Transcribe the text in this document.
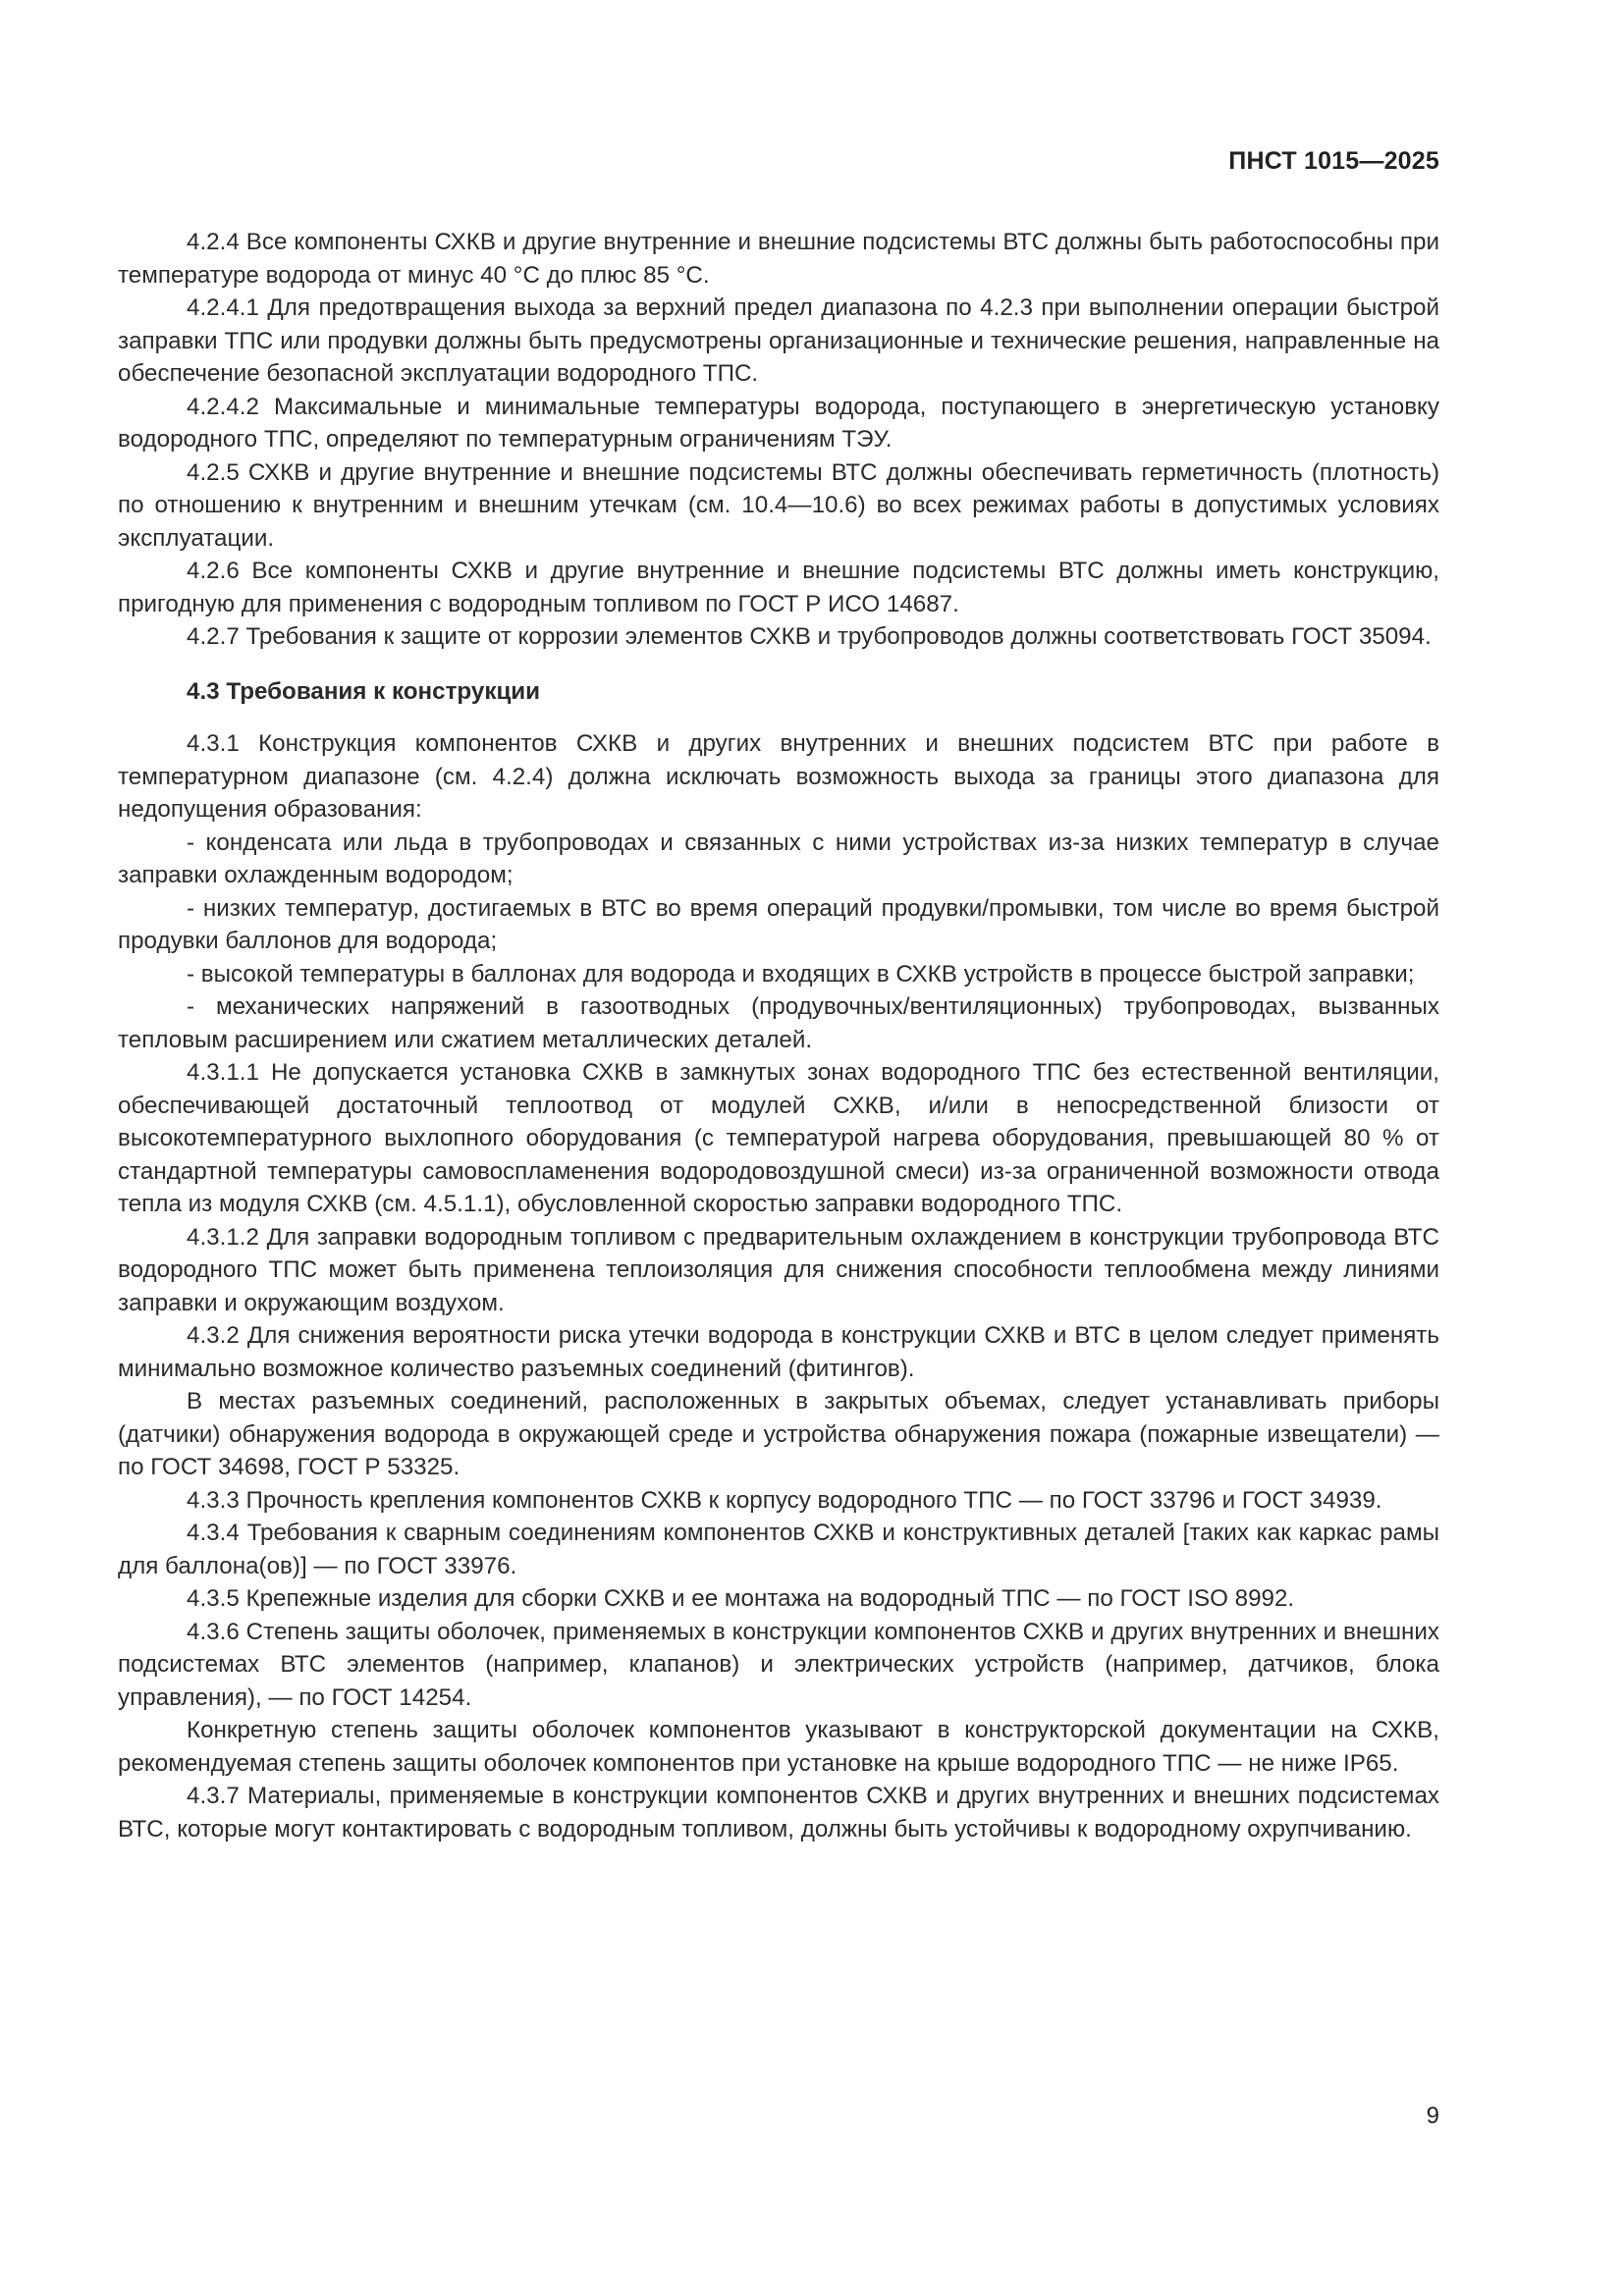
ПНСТ 1015—2025

4.2.4 Все компоненты СХКВ и другие внутренние и внешние подсистемы ВТС должны быть работоспособны при температуре водорода от минус 40 °С до плюс 85 °С.

4.2.4.1 Для предотвращения выхода за верхний предел диапазона по 4.2.3 при выполнении операции быстрой заправки ТПС или продувки должны быть предусмотрены организационные и технические решения, направленные на обеспечение безопасной эксплуатации водородного ТПС.

4.2.4.2 Максимальные и минимальные температуры водорода, поступающего в энергетическую установку водородного ТПС, определяют по температурным ограничениям ТЭУ.

4.2.5 СХКВ и другие внутренние и внешние подсистемы ВТС должны обеспечивать герметичность (плотность) по отношению к внутренним и внешним утечкам (см. 10.4—10.6) во всех режимах работы в допустимых условиях эксплуатации.

4.2.6 Все компоненты СХКВ и другие внутренние и внешние подсистемы ВТС должны иметь конструкцию, пригодную для применения с водородным топливом по ГОСТ Р ИСО 14687.

4.2.7 Требования к защите от коррозии элементов СХКВ и трубопроводов должны соответствовать ГОСТ 35094.

4.3 Требования к конструкции

4.3.1 Конструкция компонентов СХКВ и других внутренних и внешних подсистем ВТС при работе в температурном диапазоне (см. 4.2.4) должна исключать возможность выхода за границы этого диапазона для недопущения образования:

- конденсата или льда в трубопроводах и связанных с ними устройствах из-за низких температур в случае заправки охлажденным водородом;

- низких температур, достигаемых в ВТС во время операций продувки/промывки, том числе во время быстрой продувки баллонов для водорода;

- высокой температуры в баллонах для водорода и входящих в СХКВ устройств в процессе быстрой заправки;

- механических напряжений в газоотводных (продувочных/вентиляционных) трубопроводах, вызванных тепловым расширением или сжатием металлических деталей.

4.3.1.1 Не допускается установка СХКВ в замкнутых зонах водородного ТПС без естественной вентиляции, обеспечивающей достаточный теплоотвод от модулей СХКВ, и/или в непосредственной близости от высокотемпературного выхлопного оборудования (с температурой нагрева оборудования, превышающей 80 % от стандартной температуры самовоспламенения водородовоздушной смеси) из-за ограниченной возможности отвода тепла из модуля СХКВ (см. 4.5.1.1), обусловленной скоростью заправки водородного ТПС.

4.3.1.2 Для заправки водородным топливом с предварительным охлаждением в конструкции трубопровода ВТС водородного ТПС может быть применена теплоизоляция для снижения способности теплообмена между линиями заправки и окружающим воздухом.

4.3.2 Для снижения вероятности риска утечки водорода в конструкции СХКВ и ВТС в целом следует применять минимально возможное количество разъемных соединений (фитингов).

В местах разъемных соединений, расположенных в закрытых объемах, следует устанавливать приборы (датчики) обнаружения водорода в окружающей среде и устройства обнаружения пожара (пожарные извещатели) — по ГОСТ 34698, ГОСТ Р 53325.

4.3.3 Прочность крепления компонентов СХКВ к корпусу водородного ТПС — по ГОСТ 33796 и ГОСТ 34939.

4.3.4 Требования к сварным соединениям компонентов СХКВ и конструктивных деталей [таких как каркас рамы для баллона(ов)] — по ГОСТ 33976.

4.3.5 Крепежные изделия для сборки СХКВ и ее монтажа на водородный ТПС — по ГОСТ ISO 8992.

4.3.6 Степень защиты оболочек, применяемых в конструкции компонентов СХКВ и других внутренних и внешних подсистемах ВТС элементов (например, клапанов) и электрических устройств (например, датчиков, блока управления), — по ГОСТ 14254.

Конкретную степень защиты оболочек компонентов указывают в конструкторской документации на СХКВ, рекомендуемая степень защиты оболочек компонентов при установке на крыше водородного ТПС — не ниже IP65.

4.3.7 Материалы, применяемые в конструкции компонентов СХКВ и других внутренних и внешних подсистемах ВТС, которые могут контактировать с водородным топливом, должны быть устойчивы к водородному охрупчиванию.

9
